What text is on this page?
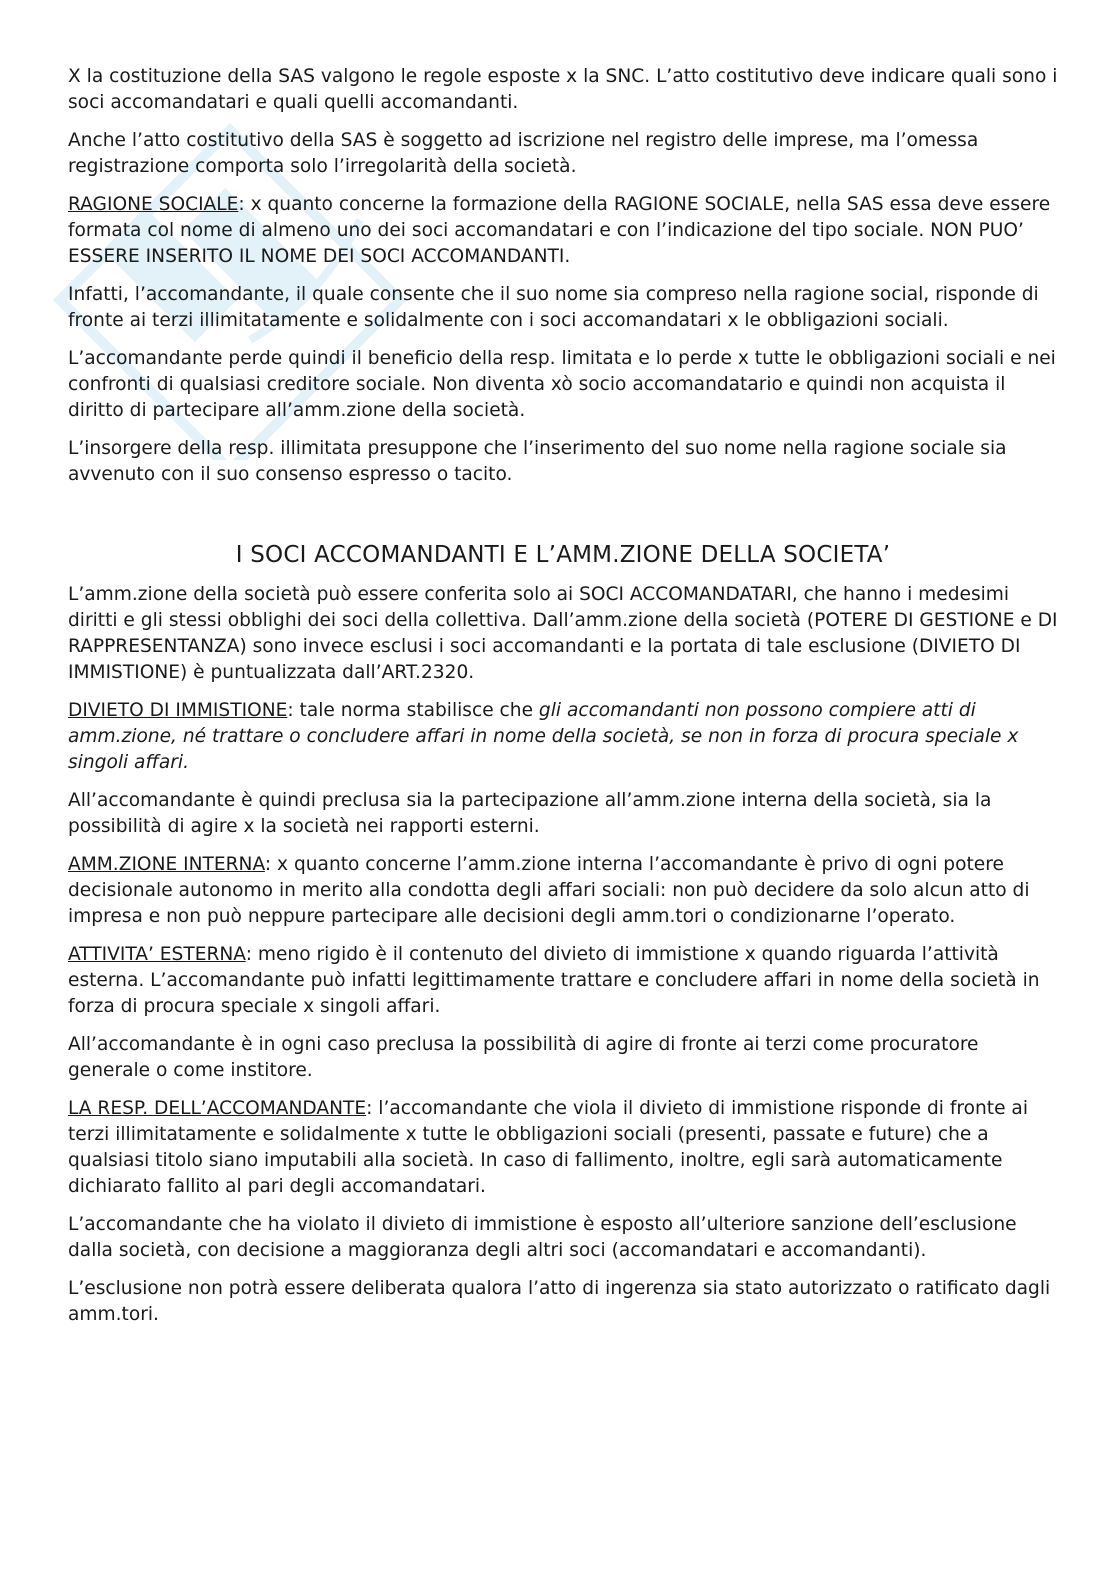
X la costituzione della SAS valgono le regole esposte x la SNC. L’atto costitutivo deve indicare quali sono i soci accomandatari e quali quelli accomandanti.

Anche l’atto costitutivo della SAS è soggetto ad iscrizione nel registro delle imprese, ma l’omessa registrazione comporta solo l’irregolarità della società.

RAGIONE SOCIALE: x quanto concerne la formazione della RAGIONE SOCIALE, nella SAS essa deve essere formata col nome di almeno uno dei soci accomandatari e con l’indicazione del tipo sociale. NON PUO’ ESSERE INSERITO IL NOME DEI SOCI ACCOMANDANTI.

Infatti, l’accomandante, il quale consente che il suo nome sia compreso nella ragione social, risponde di fronte ai terzi illimitatamente e solidalmente con i soci accomandatari x le obbligazioni sociali.

L’accomandante perde quindi il beneficio della resp. limitata e lo perde x tutte le obbligazioni sociali e nei confronti di qualsiasi creditore sociale. Non diventa xò socio accomandatario e quindi non acquista il diritto di partecipare all’amm.zione della società.

L’insorgere della resp. illimitata presuppone che l’inserimento del suo nome nella ragione sociale sia avvenuto con il suo consenso espresso o tacito.

I SOCI ACCOMANDANTI E L’AMM.ZIONE DELLA SOCIETA’

L’amm.zione della società può essere conferita solo ai SOCI ACCOMANDATARI, che hanno i medesimi diritti e gli stessi obblighi dei soci della collettiva. Dall’amm.zione della società (POTERE DI GESTIONE e DI RAPPRESENTANZA) sono invece esclusi i soci accomandanti e la portata di tale esclusione (DIVIETO DI IMMISTIONE) è puntualizzata dall’ART.2320.

DIVIETO DI IMMISTIONE: tale norma stabilisce che gli accomandanti non possono compiere atti di amm.zione, né trattare o concludere affari in nome della società, se non in forza di procura speciale x singoli affari.

All’accomandante è quindi preclusa sia la partecipazione all’amm.zione interna della società, sia la possibilità di agire x la società nei rapporti esterni.

AMM.ZIONE INTERNA: x quanto concerne l’amm.zione interna l’accomandante è privo di ogni potere decisionale autonomo in merito alla condotta degli affari sociali: non può decidere da solo alcun atto di impresa e non può neppure partecipare alle decisioni degli amm.tori o condizionarne l’operato.

ATTIVITA’ ESTERNA: meno rigido è il contenuto del divieto di immistione x quando riguarda l’attività esterna. L’accomandante può infatti legittimamente trattare e concludere affari in nome della società in forza di procura speciale x singoli affari.

All’accomandante è in ogni caso preclusa la possibilità di agire di fronte ai terzi come procuratore generale o come institore.

LA RESP. DELL’ACCOMANDANTE: l’accomandante che viola il divieto di immistione risponde di fronte ai terzi illimitatamente e solidalmente x tutte le obbligazioni sociali (presenti, passate e future) che a qualsiasi titolo siano imputabili alla società. In caso di fallimento, inoltre, egli sarà automaticamente dichiarato fallito al pari degli accomandatari.

L’accomandante che ha violato il divieto di immistione è esposto all’ulteriore sanzione dell’esclusione dalla società, con decisione a maggioranza degli altri soci (accomandatari e accomandanti).

L’esclusione non potrà essere deliberata qualora l’atto di ingerenza sia stato autorizzato o ratificato dagli amm.tori.
